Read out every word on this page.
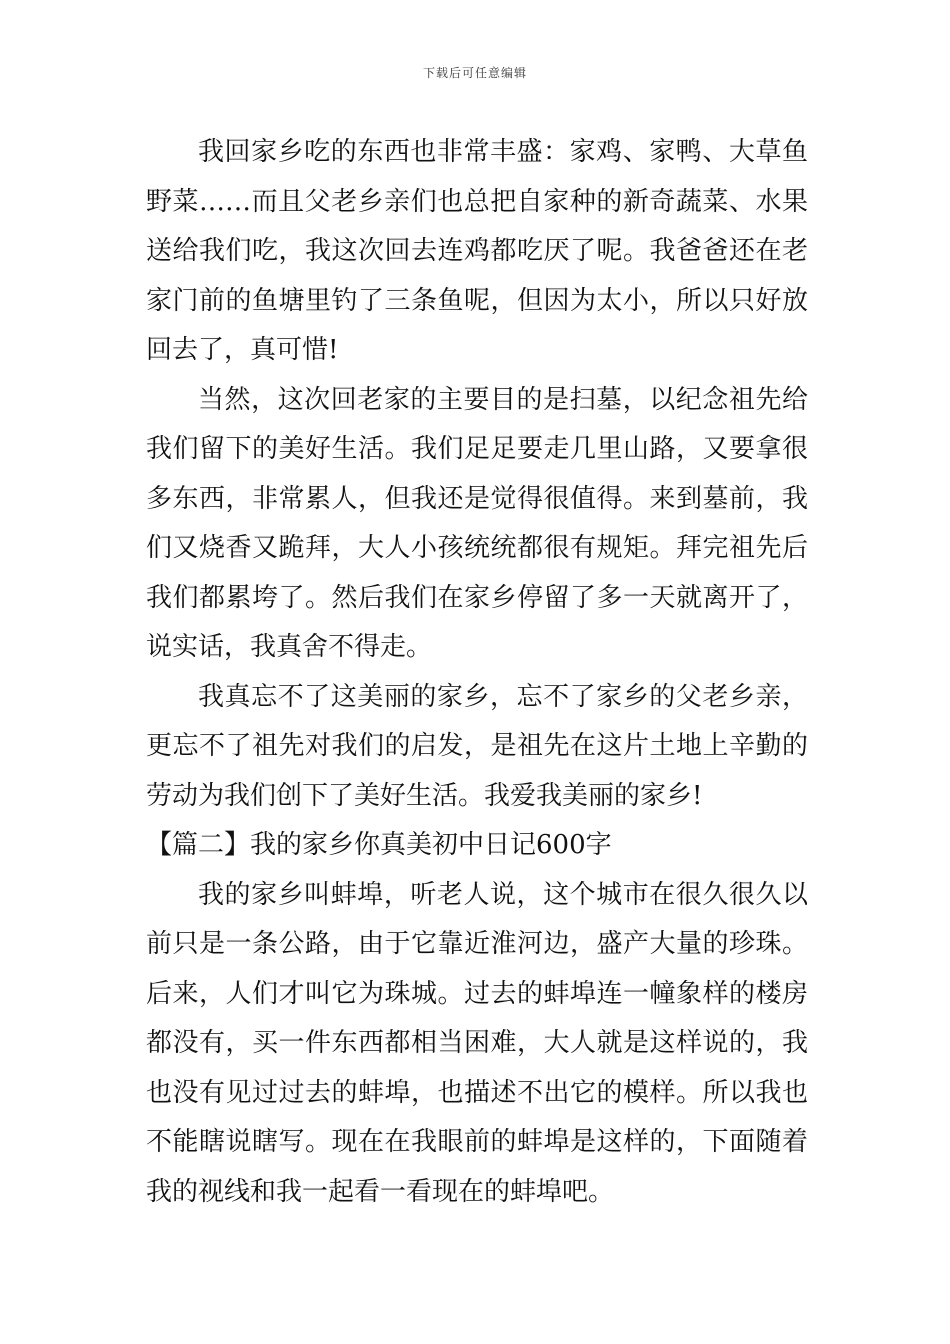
下载后可任意编辑
我回家乡吃的东西也非常丰盛：家鸡、家鸭、大草鱼
野菜……而且父老乡亲们也总把自家种的新奇蔬菜、水果
送给我们吃，我这次回去连鸡都吃厌了呢。我爸爸还在老
家门前的鱼塘里钓了三条鱼呢，但因为太小，所以只好放
回去了，真可惜!
当然，这次回老家的主要目的是扫墓，以纪念祖先给
我们留下的美好生活。我们足足要走几里山路，又要拿很
多东西，非常累人，但我还是觉得很值得。来到墓前，我
们又烧香又跪拜，大人小孩统统都很有规矩。拜完祖先后
我们都累垮了。然后我们在家乡停留了多一天就离开了，
说实话，我真舍不得走。
我真忘不了这美丽的家乡，忘不了家乡的父老乡亲，
更忘不了祖先对我们的启发，是祖先在这片土地上辛勤的
劳动为我们创下了美好生活。我爱我美丽的家乡!
【篇二】我的家乡你真美初中日记600字
我的家乡叫蚌埠，听老人说，这个城市在很久很久以
前只是一条公路，由于它靠近淮河边，盛产大量的珍珠。
后来，人们才叫它为珠城。过去的蚌埠连一幢象样的楼房
都没有，买一件东西都相当困难，大人就是这样说的，我
也没有见过过去的蚌埠，也描述不出它的模样。所以我也
不能瞎说瞎写。现在在我眼前的蚌埠是这样的，下面随着
我的视线和我一起看一看现在的蚌埠吧。
